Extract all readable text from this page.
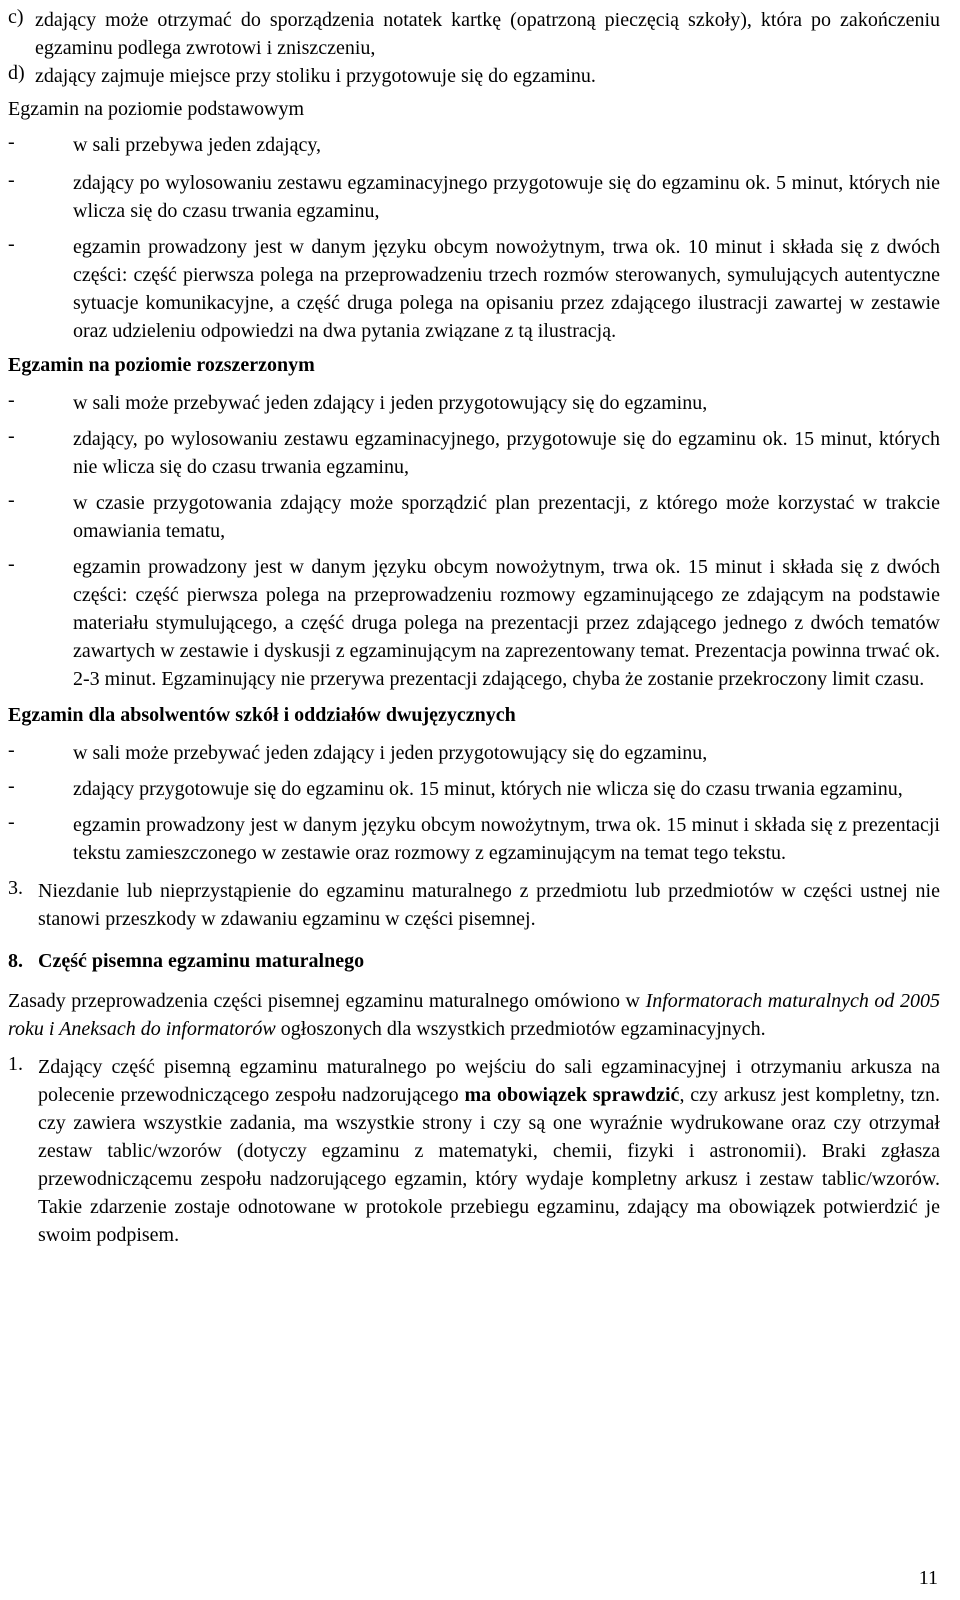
c) zdający może otrzymać do sporządzenia notatek kartkę (opatrzoną pieczęcią szkoły), która po zakończeniu egzaminu podlega zwrotowi i zniszczeniu,
d) zdający zajmuje miejsce przy stoliku i przygotowuje się do egzaminu.

Egzamin na poziomie podstawowym

-	w sali przebywa jeden zdający,
-	zdający po wylosowaniu zestawu egzaminacyjnego przygotowuje się do egzaminu ok. 5 minut, których nie wlicza się do czasu trwania egzaminu,
-	egzamin prowadzony jest w danym języku obcym nowożytnym, trwa ok. 10 minut i składa się z dwóch części: część pierwsza polega na przeprowadzeniu trzech rozmów sterowanych, symulujących autentyczne sytuacje komunikacyjne, a część druga polega na opisaniu przez zdającego ilustracji zawartej w zestawie oraz udzieleniu odpowiedzi na dwa pytania związane z tą ilustracją.

Egzamin na poziomie rozszerzonym

-	w sali może przebywać jeden zdający i jeden przygotowujący się do egzaminu,
-	zdający, po wylosowaniu zestawu egzaminacyjnego, przygotowuje się do egzaminu ok. 15 minut, których nie wlicza się do czasu trwania egzaminu,
-	w czasie przygotowania zdający może sporządzić plan prezentacji, z którego może korzystać w trakcie omawiania tematu,
-	egzamin prowadzony jest w danym języku obcym nowożytnym, trwa ok. 15 minut i składa się z dwóch części: część pierwsza polega na przeprowadzeniu rozmowy egzaminującego ze zdającym na podstawie materiału stymulującego, a część druga polega na prezentacji przez zdającego jednego z dwóch tematów zawartych w zestawie i dyskusji z egzaminującym na zaprezentowany temat. Prezentacja powinna trwać ok. 2-3 minut. Egzaminujący nie przerywa prezentacji zdającego, chyba że zostanie przekroczony limit czasu.

Egzamin dla absolwentów szkół i oddziałów dwujęzycznych

-	w sali może przebywać jeden zdający i jeden przygotowujący się do egzaminu,
-	zdający przygotowuje się do egzaminu ok. 15 minut, których nie wlicza się do czasu trwania egzaminu,
-	egzamin prowadzony jest w danym języku obcym nowożytnym, trwa ok. 15 minut i składa się z prezentacji tekstu zamieszczonego w zestawie oraz rozmowy z egzaminującym na temat tego tekstu.
3. Niezdanie lub nieprzystąpienie do egzaminu maturalnego z przedmiotu lub przedmiotów w części ustnej nie stanowi przeszkody w zdawaniu egzaminu w części pisemnej.

8. Część pisemna egzaminu maturalnego

Zasady przeprowadzenia części pisemnej egzaminu maturalnego omówiono w Informatorach maturalnych od 2005 roku i Aneksach do informatorów ogłoszonych dla wszystkich przedmiotów egzaminacyjnych.

1. Zdający część pisemną egzaminu maturalnego po wejściu do sali egzaminacyjnej i otrzymaniu arkusza na polecenie przewodniczącego zespołu nadzorującego ma obowiązek sprawdzić, czy arkusz jest kompletny, tzn. czy zawiera wszystkie zadania, ma wszystkie strony i czy są one wyraźnie wydrukowane oraz czy otrzymał zestaw tablic/wzorów (dotyczy egzaminu z matematyki, chemii, fizyki i astronomii). Braki zgłasza przewodniczącemu zespołu nadzorującego egzamin, który wydaje kompletny arkusz i zestaw tablic/wzorów. Takie zdarzenie zostaje odnotowane w protokole przebiegu egzaminu, zdający ma obowiązek potwierdzić je swoim podpisem.
11
